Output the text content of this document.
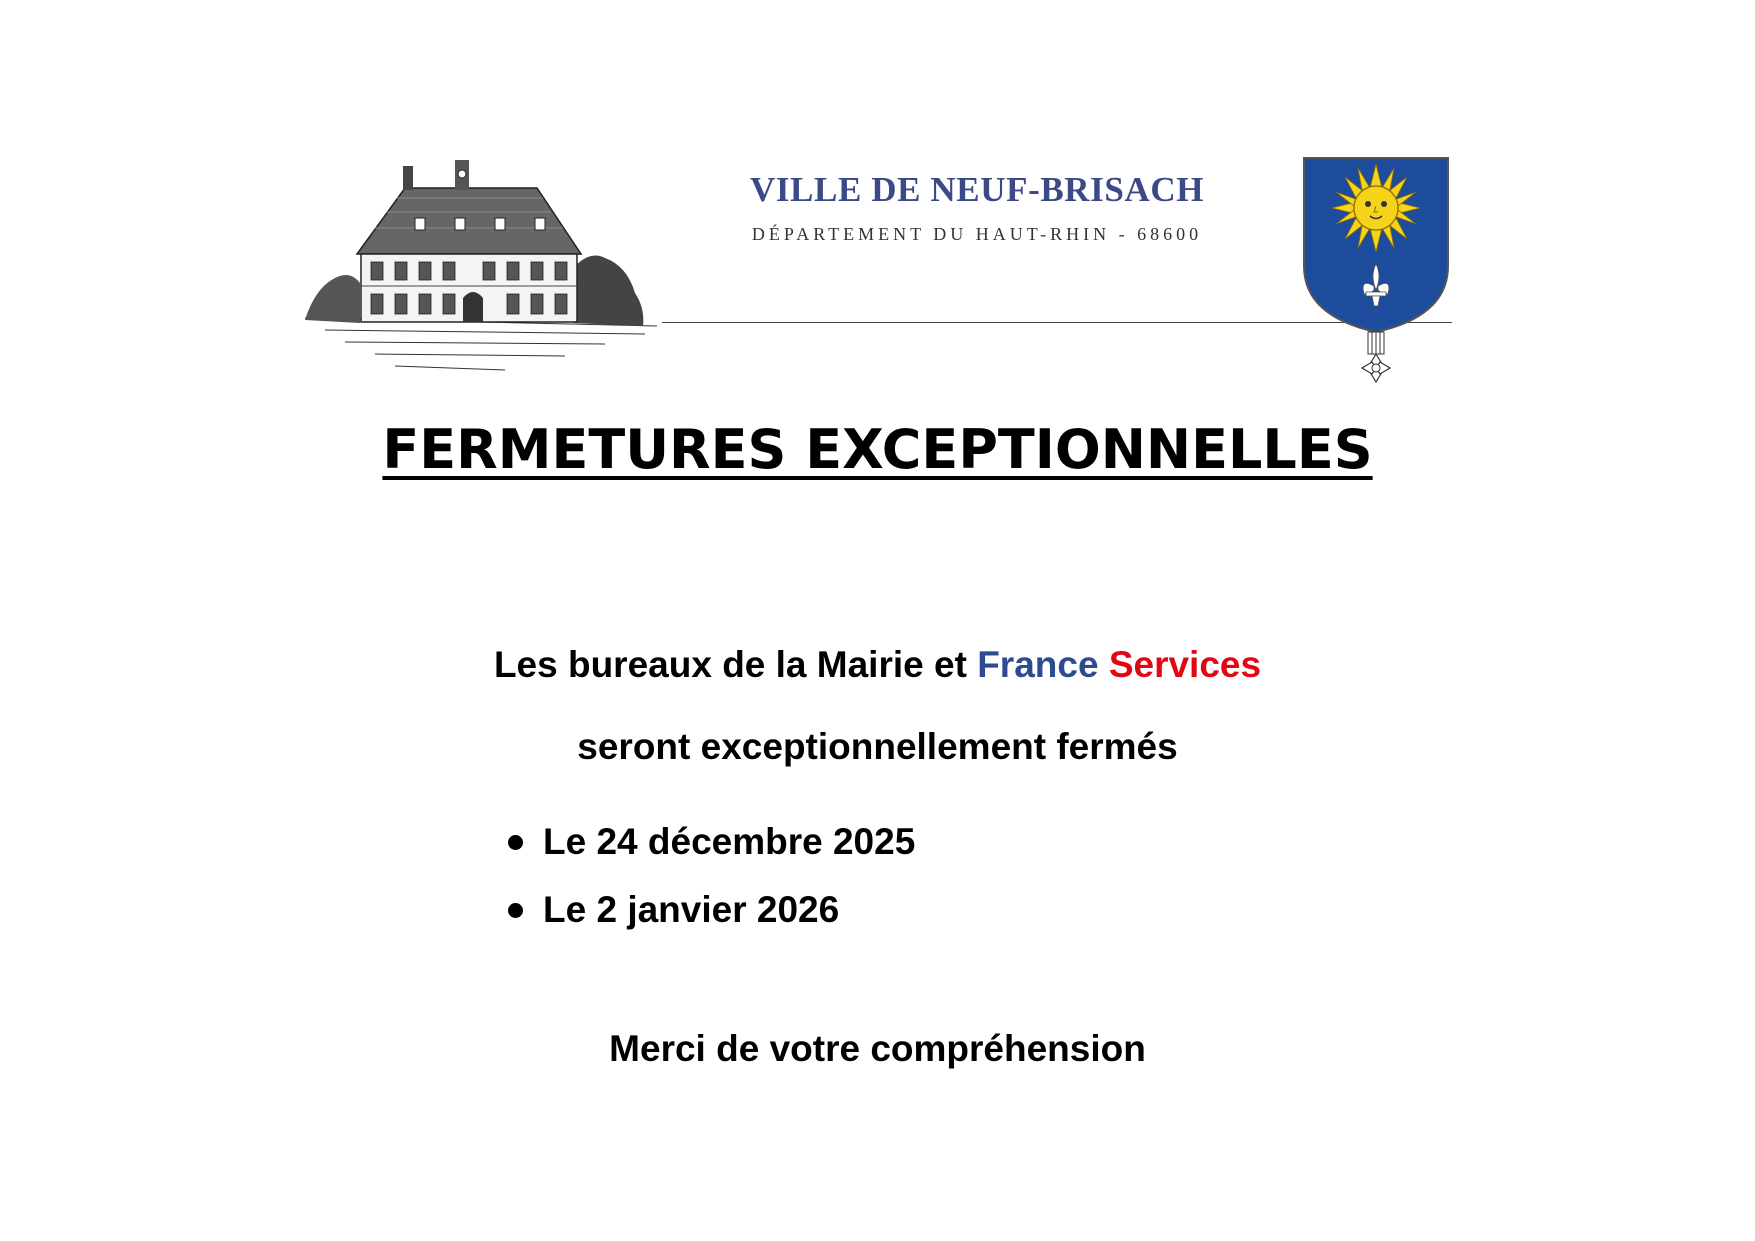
VILLE DE NEUF-BRISACH
DÉPARTEMENT DU HAUT-RHIN - 68600
FERMETURES EXCEPTIONNELLES
Les bureaux de la Mairie et France Services
seront exceptionnellement fermés
Le 24 décembre 2025
Le 2 janvier 2026
Merci de votre compréhension
